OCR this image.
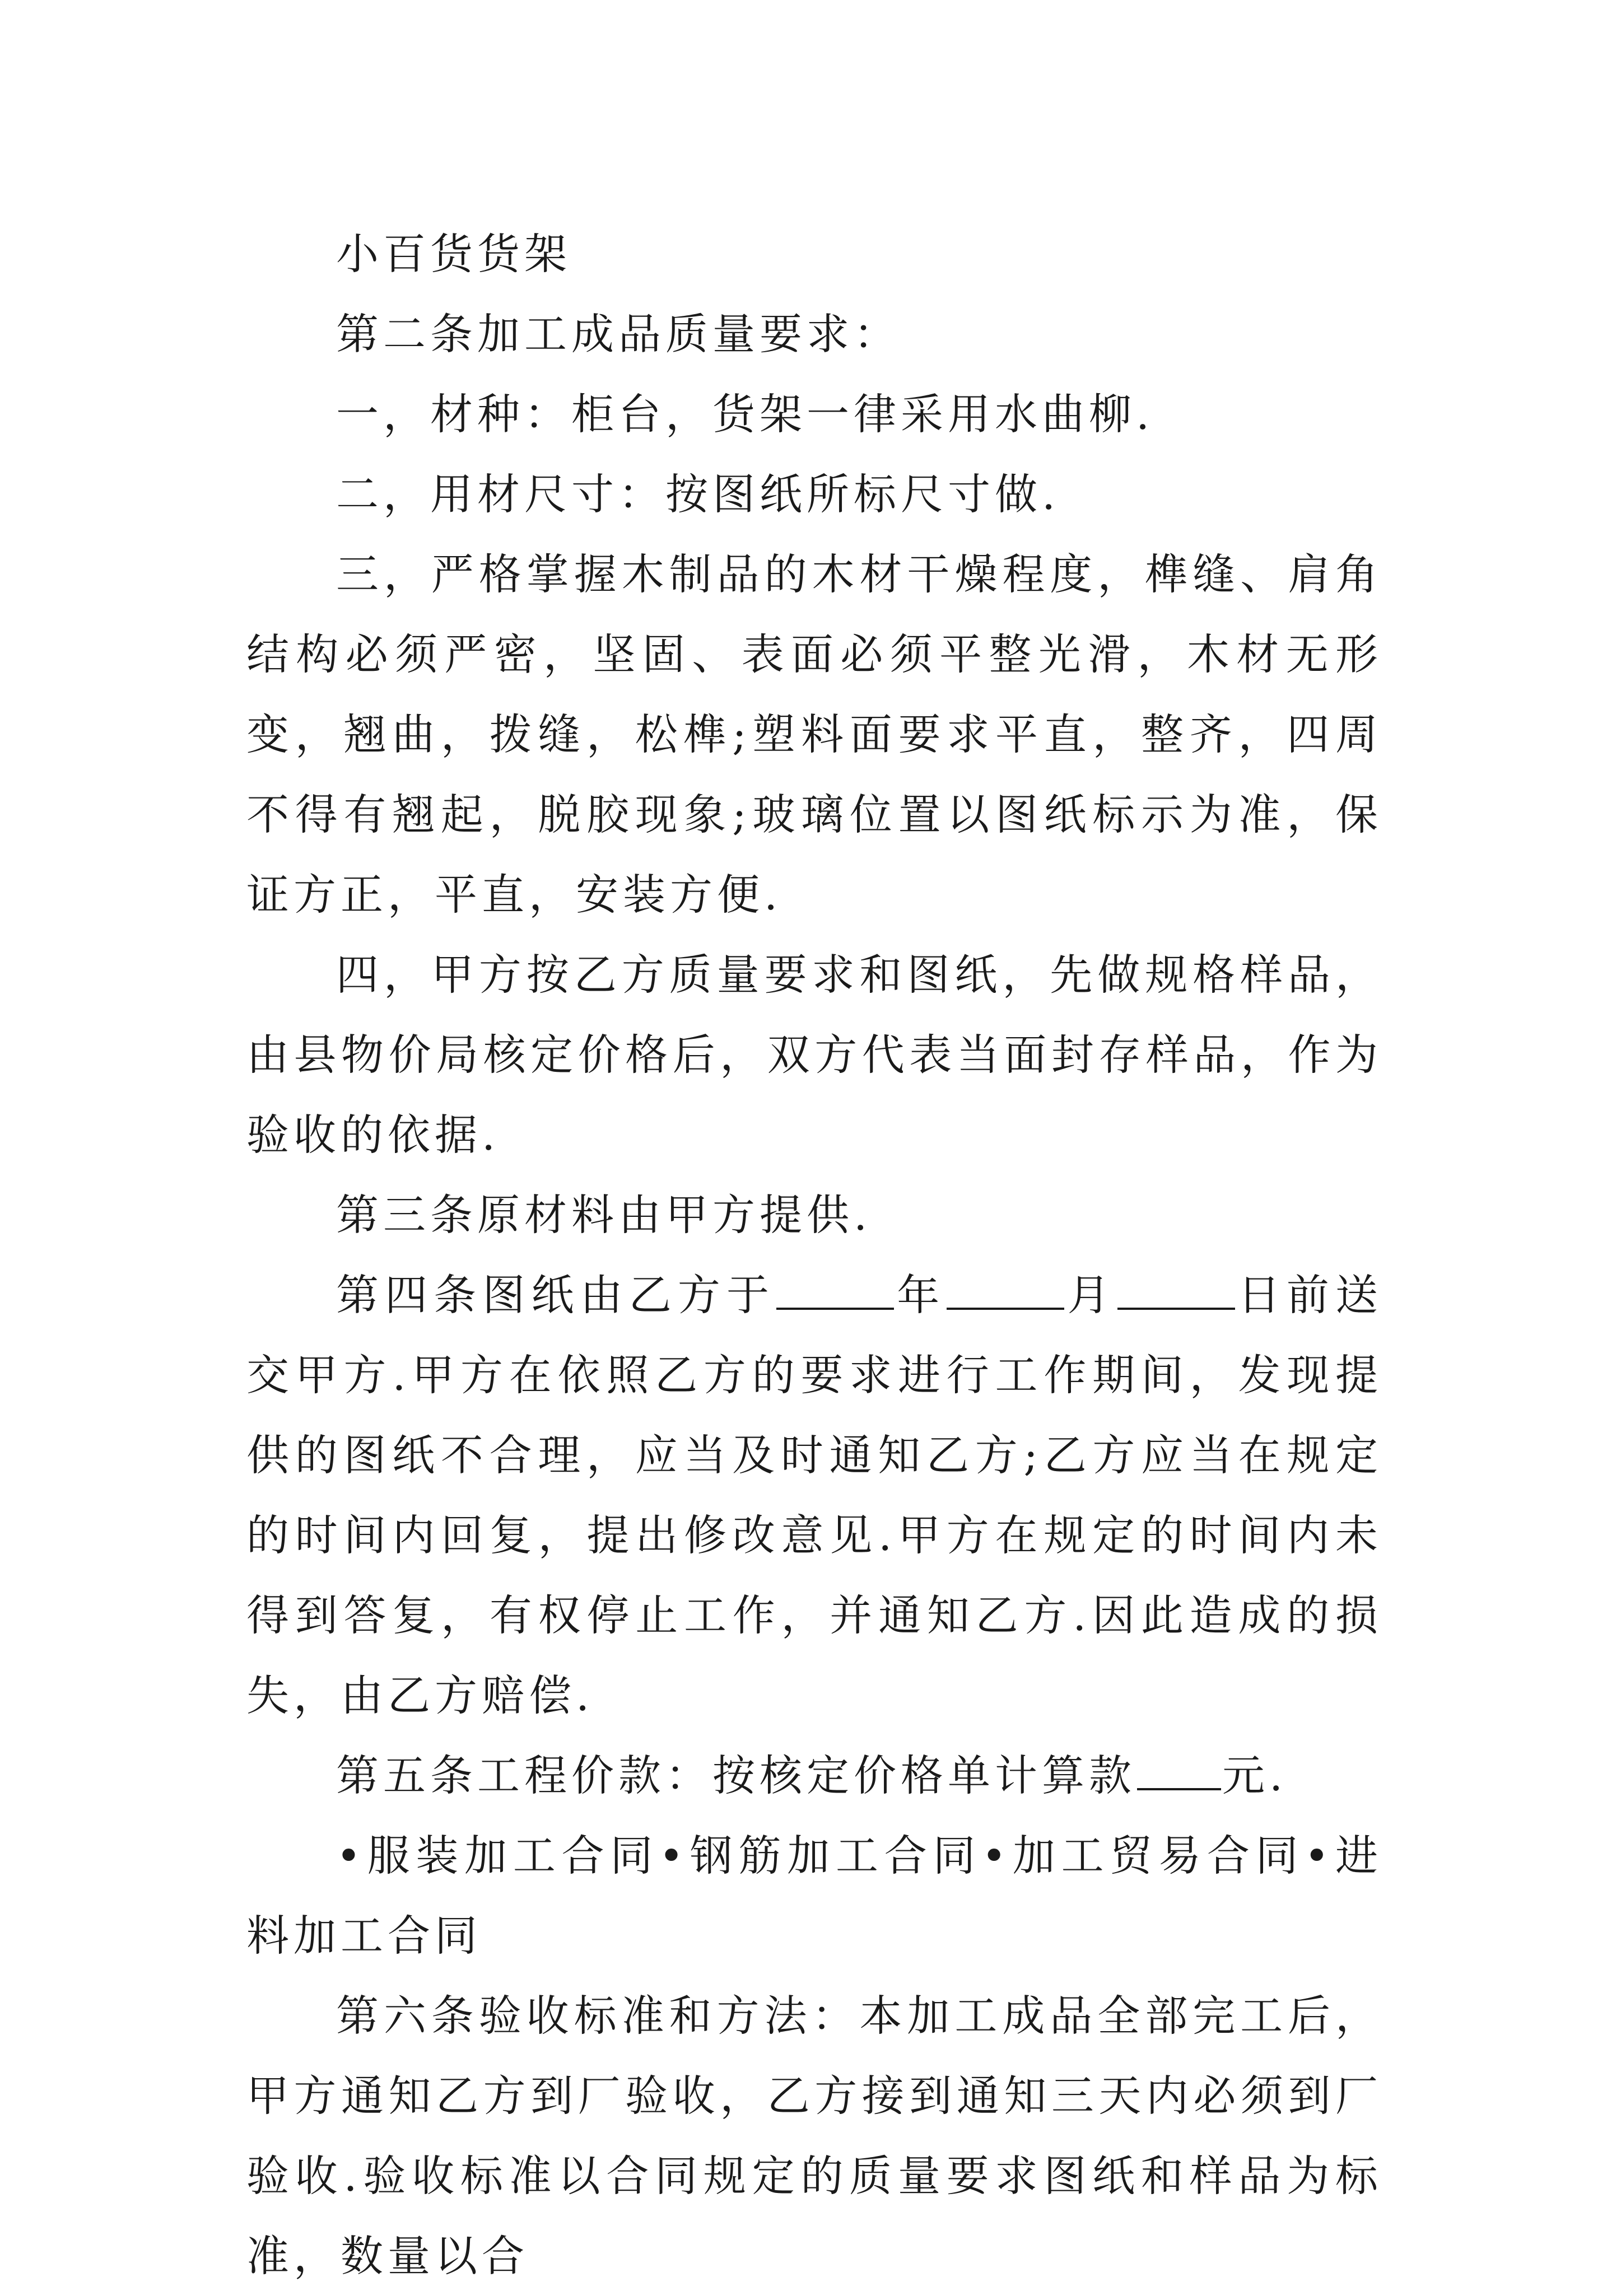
小百货货架

第二条加工成品质量要求：

一，材种：柜台，货架一律采用水曲柳.

二，用材尺寸：按图纸所标尺寸做.

三，严格掌握木制品的木材干燥程度，榫缝、肩角结构必须严密，坚固、表面必须平整光滑，木材无形变，翘曲，拨缝，松榫;塑料面要求平直，整齐，四周不得有翘起，脱胶现象;玻璃位置以图纸标示为准，保证方正，平直，安装方便.

四，甲方按乙方质量要求和图纸，先做规格样品，由县物价局核定价格后，双方代表当面封存样品，作为验收的依据.

第三条原材料由甲方提供.

第四条图纸由乙方于	年	月	日前送交甲方.甲方在依照乙方的要求进行工作期间，发现提供的图纸不合理，应当及时通知乙方;乙方应当在规定的时间内回复，提出修改意见.甲方在规定的时间内未得到答复，有权停止工作，并通知乙方.因此造成的损失，由乙方赔偿.

第五条工程价款：按核定价格单计算款 元.

•服装加工合同•钢筋加工合同•加工贸易合同•进料加工合同

第六条验收标准和方法：本加工成品全部完工后，甲方通知乙方到厂验收，乙方接到通知三天内必须到厂验收.验收标准以合同规定的质量要求图纸和样品为标准，数量以合
